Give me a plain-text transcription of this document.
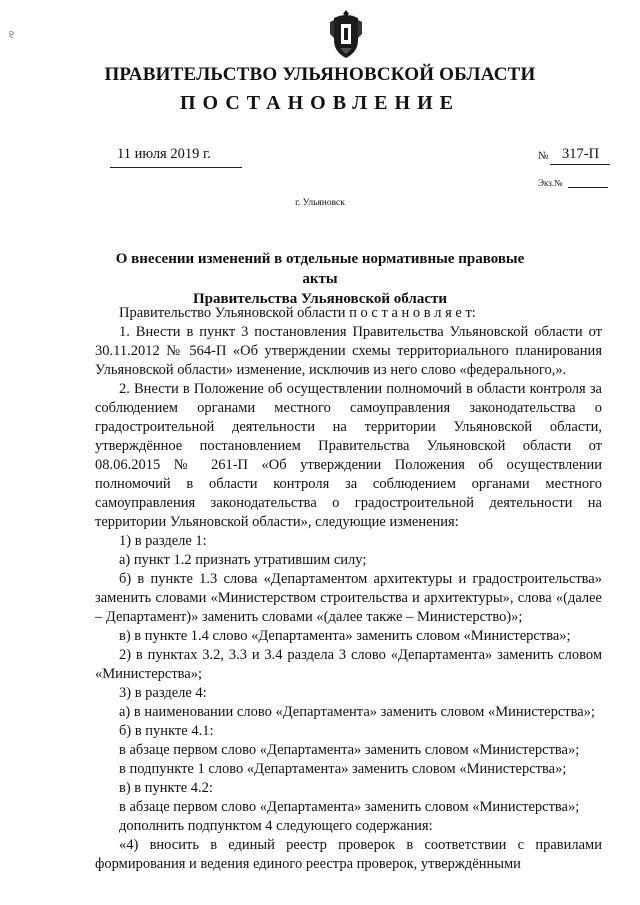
r0
ПРАВИТЕЛЬСТВО УЛЬЯНОВСКОЙ ОБЛАСТИ
ПОСТАНОВЛЕНИЕ
11 июля 2019 г.	№ 317-П
Экз.№
г. Ульяновск
О внесении изменений в отдельные нормативные правовые акты
Правительства Ульяновской области

Правительство Ульяновской области п о с т а н о в л я е т:

1. Внести в пункт 3 постановления Правительства Ульяновской области от 30.11.2012 № 564-П «Об утверждении схемы территориального планирования Ульяновской области» изменение, исключив из него слово «федерального,».

2. Внести в Положение об осуществлении полномочий в области контроля за соблюдением органами местного самоуправления законодательства о градостроительной деятельности на территории Ульяновской области, утверждённое постановлением Правительства Ульяновской области от 08.06.2015 № 261-П «Об утверждении Положения об осуществлении полномочий в области контроля за соблюдением органами местного самоуправления законодательства о градостроительной деятельности на территории Ульяновской области», следующие изменения:

1) в разделе 1:

а) пункт 1.2 признать утратившим силу;

б) в пункте 1.3 слова «Департаментом архитектуры и градостроительства» заменить словами «Министерством строительства и архитектуры», слова «(далее – Департамент)» заменить словами «(далее также – Министерство)»;

в) в пункте 1.4 слово «Департамента» заменить словом «Министерства»;

2) в пунктах 3.2, 3.3 и 3.4 раздела 3 слово «Департамента» заменить словом «Министерства»;

3) в разделе 4:

а) в наименовании слово «Департамента» заменить словом «Министерства»;

б) в пункте 4.1:

в абзаце первом слово «Департамента» заменить словом «Министерства»;

в подпункте 1 слово «Департамента» заменить словом «Министерства»;

в) в пункте 4.2:

в абзаце первом слово «Департамента» заменить словом «Министерства»;

дополнить подпунктом 4 следующего содержания:

«4) вносить в единый реестр проверок в соответствии с правилами формирования и ведения единого реестра проверок, утверждёнными
